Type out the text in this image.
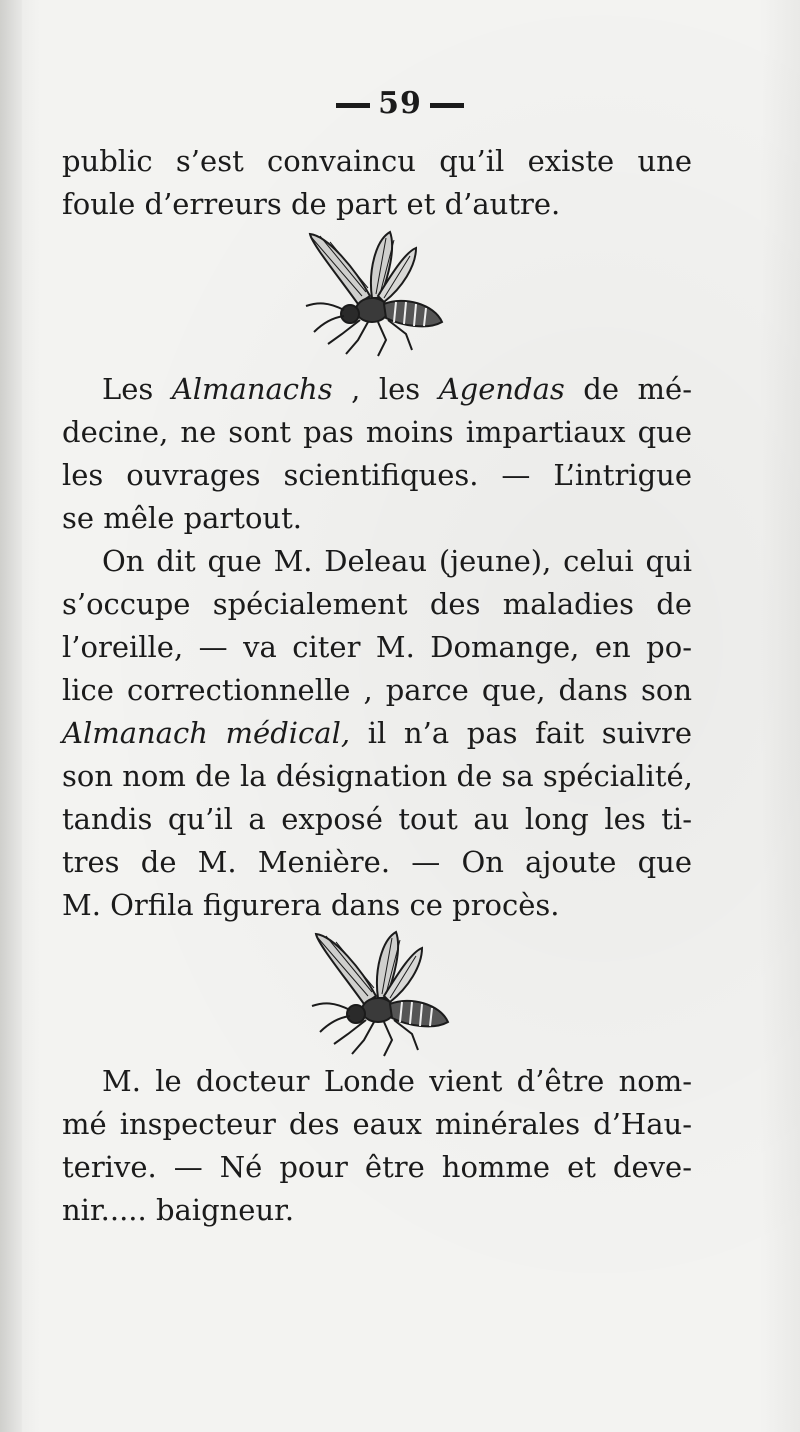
59
public s’est convaincu qu’il existe une
foule d’erreurs de part et d’autre.
Les Almanachs , les Agendas de mé-
decine, ne sont pas moins impartiaux que
les ouvrages scientifiques. — L’intrigue
se mêle partout.
On dit que M. Deleau (jeune), celui qui
s’occupe spécialement des maladies de
l’oreille, — va citer M. Domange, en po-
lice correctionnelle , parce que, dans son
Almanach médical, il n’a pas fait suivre
son nom de la désignation de sa spécialité,
tandis qu’il a exposé tout au long les ti-
tres de M. Menière. — On ajoute que
M. Orfila figurera dans ce procès.
M. le docteur Londe vient d’être nom-
mé inspecteur des eaux minérales d’Hau-
terive. — Né pour être homme et deve-
nir..... baigneur.
